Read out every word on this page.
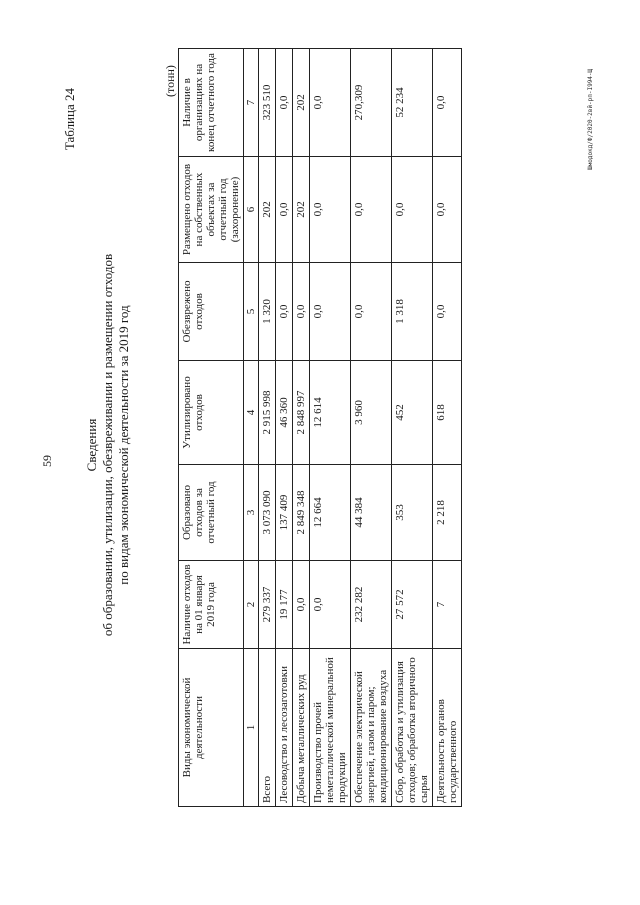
59
Таблица 24
Сведения об образовании, утилизации, обезвреживании и размещении отходов по видам экономической деятельности за 2019 год
(тонн)
Виды экономической деятельности	Наличие отходов на 01 января 2019 года	Образовано отходов за отчетный год	Утилизировано отходов	Обезврежено отходов	Размещено отходов на собственных объектах за отчетный год (захоронение)	Наличие в организациях на конец отчетного года
1	2	3	4	5	6	7
Всего	279 337	3 073 090	2 915 998	1 320	202	323 510
Лесоводство и лесозаготовки	19 177	137 409	46 360	0,0	0,0	0,0
Добыча металлических руд	0,0	2 849 348	2 848 997	0,0	202	202
Производство прочей неметаллической минеральной продукции	0,0	12 664	12 614	0,0	0,0	0,0
Обеспечение электрической энергией, газом и паром; кондиционирование воздуха	232 282	44 384	3 960	0,0	0,0	270,309
Сбор, обработка и утилизация отходов; обработка вторичного сырья	27 572	353	452	1 318	0,0	52 234
Деятельность органов государственного	7	2 218	618	0,0	0,0	0,0	Шмодокд/Ф/2020-2вй-рп-I994-Щ
